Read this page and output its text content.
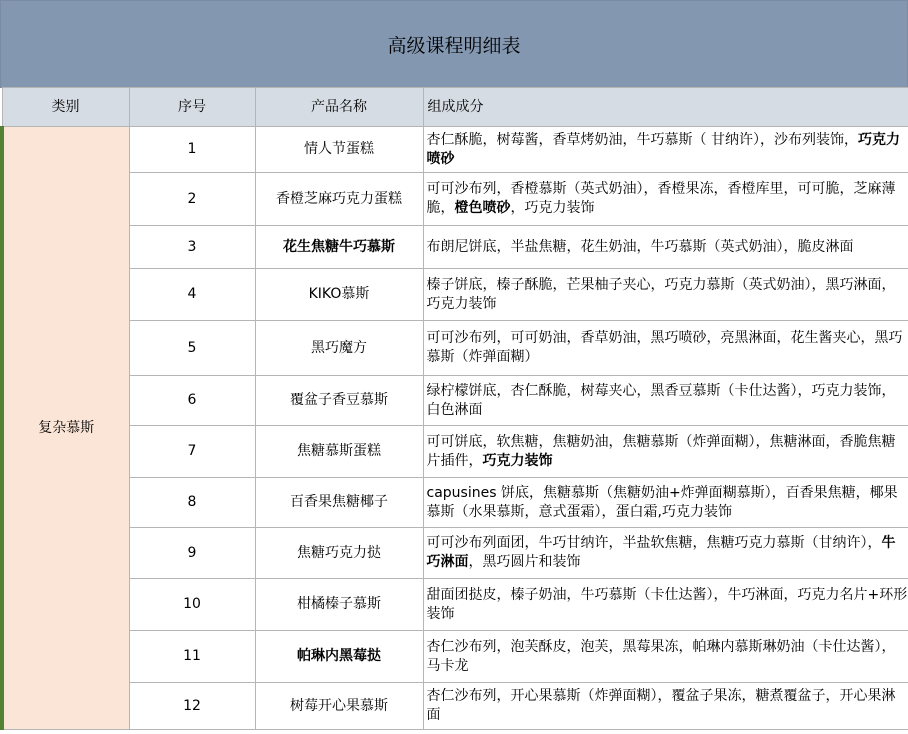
高级课程明细表
类别	序号	产品名称	组成成分
复杂慕斯	1	情人节蛋糕	杏仁酥脆，树莓酱，香草烤奶油，牛巧慕斯（ 甘纳许），沙布列装饰，巧克力喷砂
	2	香橙芝麻巧克力蛋糕	可可沙布列，香橙慕斯（英式奶油），香橙果冻，香橙库里，可可脆，芝麻薄脆，橙色喷砂，巧克力装饰
	3	花生焦糖牛巧慕斯	布朗尼饼底，半盐焦糖，花生奶油，牛巧慕斯（英式奶油），脆皮淋面
	4	KIKO慕斯	榛子饼底，榛子酥脆，芒果柚子夹心，巧克力慕斯（英式奶油），黑巧淋面，巧克力装饰
	5	黑巧魔方	可可沙布列，可可奶油，香草奶油，黑巧喷砂，亮黑淋面，花生酱夹心，黑巧慕斯（炸弹面糊）
	6	覆盆子香豆慕斯	绿柠檬饼底，杏仁酥脆，树莓夹心，黑香豆慕斯（卡仕达酱），巧克力装饰，白色淋面
	7	焦糖慕斯蛋糕	可可饼底，软焦糖，焦糖奶油，焦糖慕斯（炸弹面糊），焦糖淋面，香脆焦糖片插件，巧克力装饰
	8	百香果焦糖椰子	capusines 饼底，焦糖慕斯（焦糖奶油+炸弹面糊慕斯），百香果焦糖，椰果慕斯（水果慕斯，意式蛋霜），蛋白霜,巧克力装饰
	9	焦糖巧克力挞	可可沙布列面团，牛巧甘纳许，半盐软焦糖，焦糖巧克力慕斯（甘纳许），牛巧淋面，黑巧圆片和装饰
	10	柑橘榛子慕斯	甜面团挞皮，榛子奶油，牛巧慕斯（卡仕达酱），牛巧淋面，巧克力名片+环形装饰
	11	帕琳内黑莓挞	杏仁沙布列，泡芙酥皮，泡芙，黑莓果冻，帕琳内慕斯琳奶油（卡仕达酱），马卡龙
	12	树莓开心果慕斯	杏仁沙布列，开心果慕斯（炸弹面糊），覆盆子果冻，糖煮覆盆子，开心果淋面
